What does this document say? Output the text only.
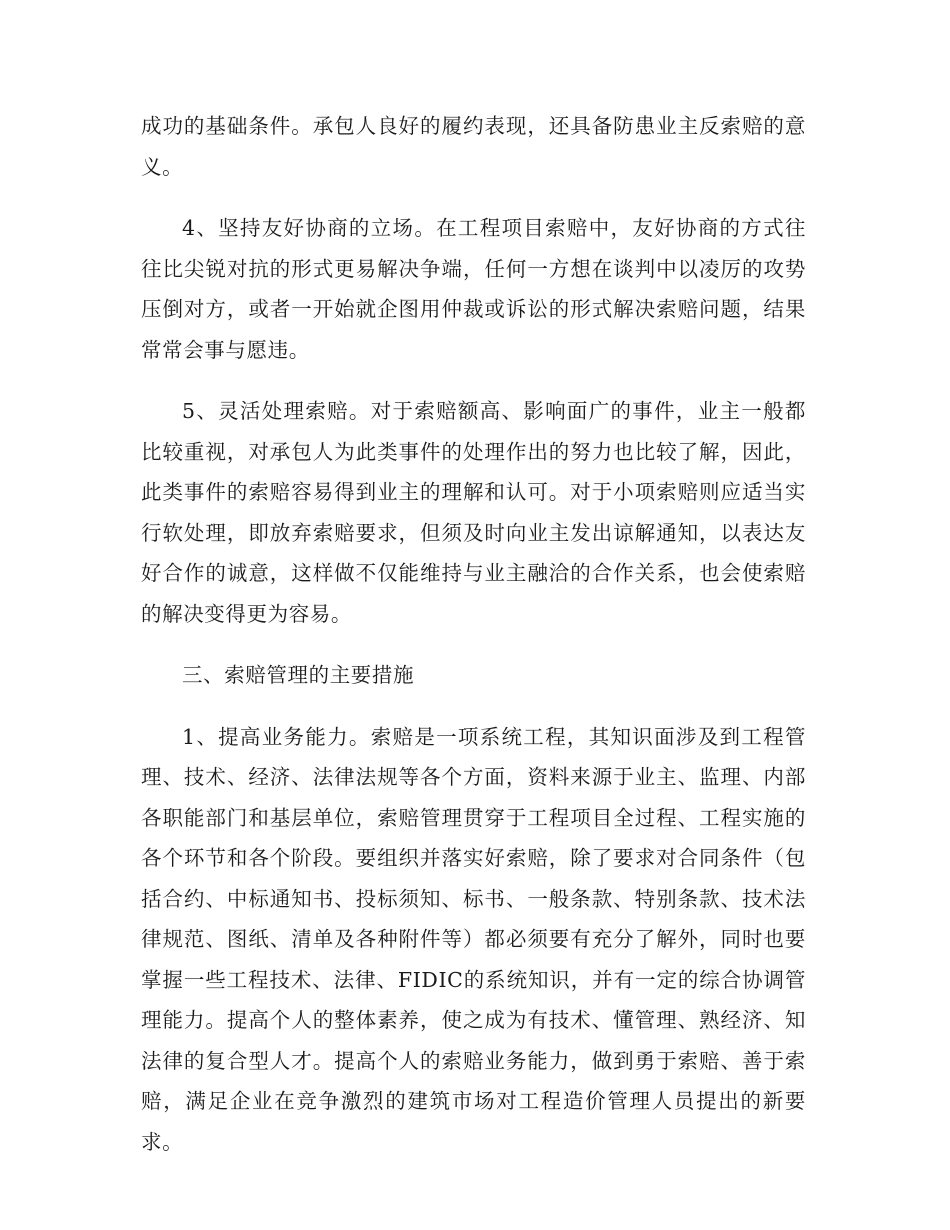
成功的基础条件。承包人良好的履约表现，还具备防患业主反索赔的意义。

4、坚持友好协商的立场。在工程项目索赔中，友好协商的方式往往比尖锐对抗的形式更易解决争端，任何一方想在谈判中以凌厉的攻势压倒对方，或者一开始就企图用仲裁或诉讼的形式解决索赔问题，结果常常会事与愿违。

5、灵活处理索赔。对于索赔额高、影响面广的事件，业主一般都比较重视，对承包人为此类事件的处理作出的努力也比较了解，因此，此类事件的索赔容易得到业主的理解和认可。对于小项索赔则应适当实行软处理，即放弃索赔要求，但须及时向业主发出谅解通知，以表达友好合作的诚意，这样做不仅能维持与业主融洽的合作关系，也会使索赔的解决变得更为容易。

三、索赔管理的主要措施

1、提高业务能力。索赔是一项系统工程，其知识面涉及到工程管理、技术、经济、法律法规等各个方面，资料来源于业主、监理、内部各职能部门和基层单位，索赔管理贯穿于工程项目全过程、工程实施的各个环节和各个阶段。要组织并落实好索赔，除了要求对合同条件（包括合约、中标通知书、投标须知、标书、一般条款、特别条款、技术法律规范、图纸、清单及各种附件等）都必须要有充分了解外，同时也要掌握一些工程技术、法律、FIDIC的系统知识，并有一定的综合协调管理能力。提高个人的整体素养，使之成为有技术、懂管理、熟经济、知法律的复合型人才。提高个人的索赔业务能力，做到勇于索赔、善于索赔，满足企业在竞争激烈的建筑市场对工程造价管理人员提出的新要求。
